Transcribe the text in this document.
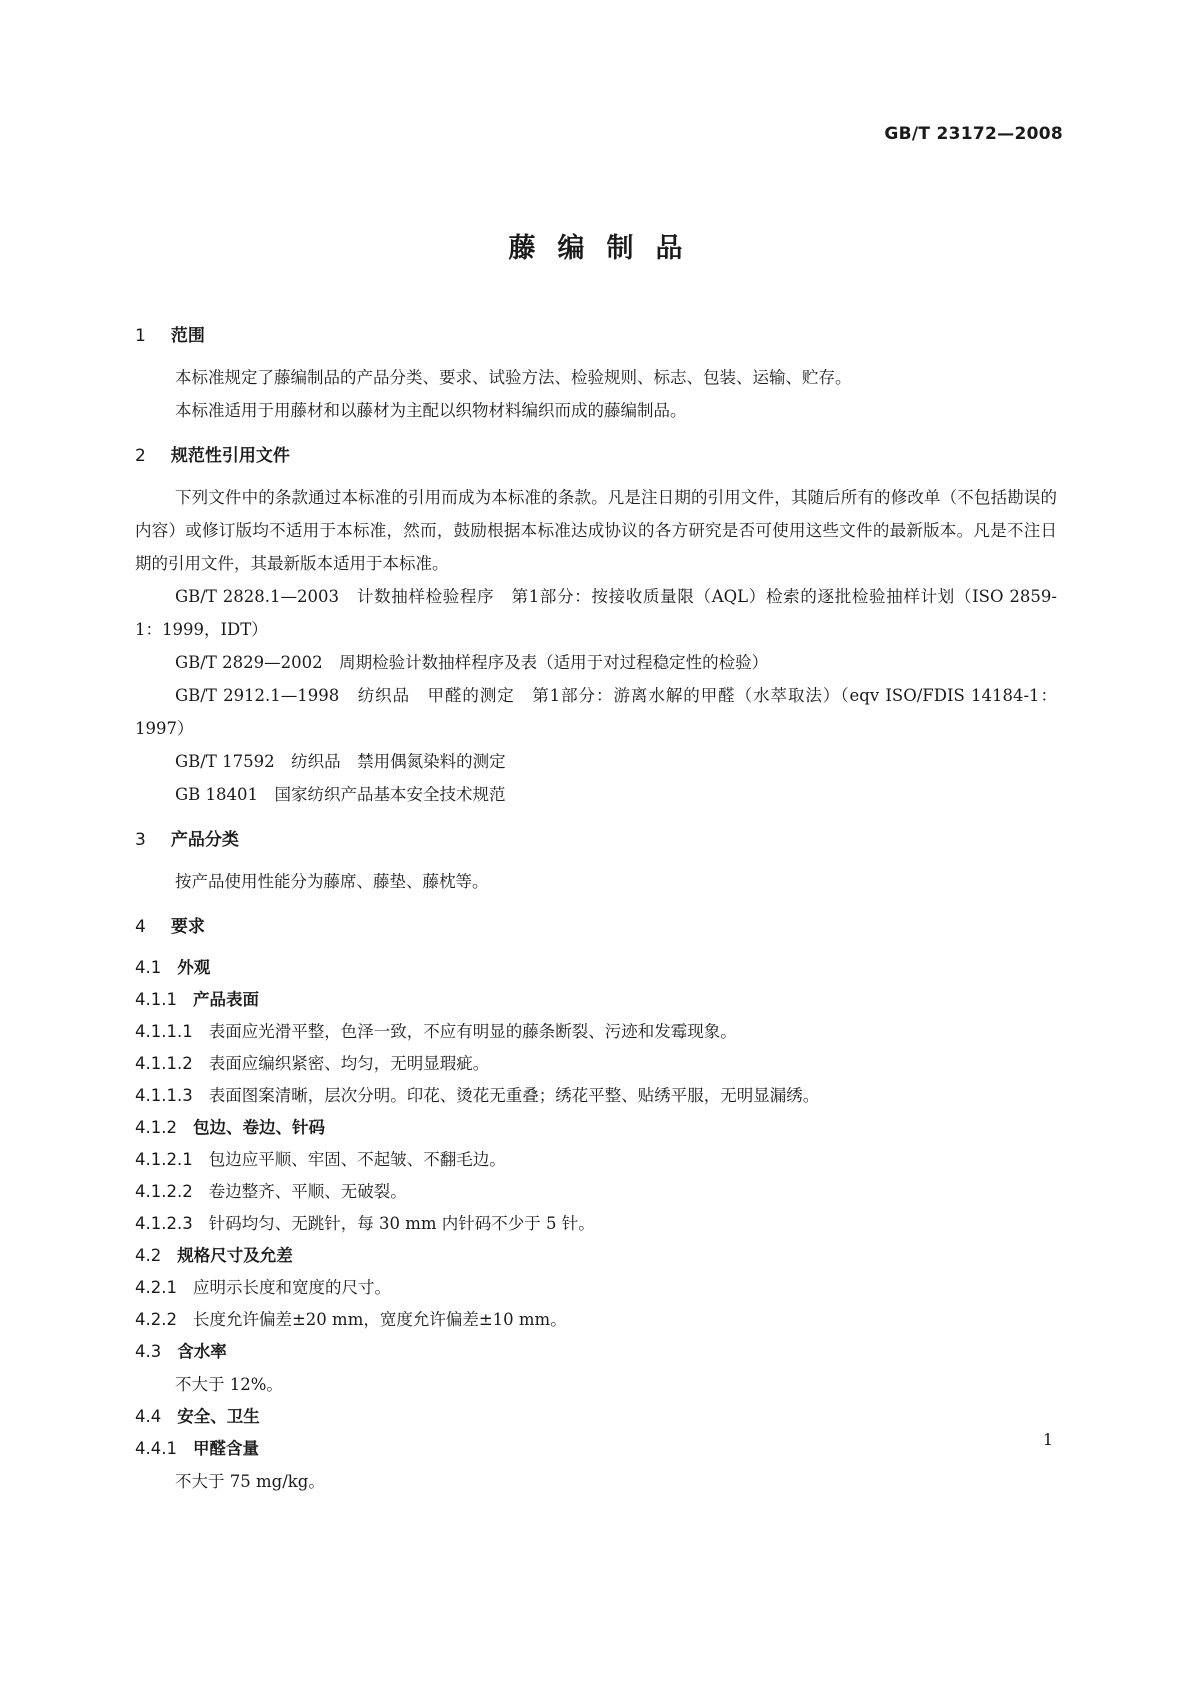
GB/T 23172—2008
藤编制品
1 范围

本标准规定了藤编制品的产品分类、要求、试验方法、检验规则、标志、包装、运输、贮存。

本标准适用于用藤材和以藤材为主配以织物材料编织而成的藤编制品。

2 规范性引用文件

下列文件中的条款通过本标准的引用而成为本标准的条款。凡是注日期的引用文件，其随后所有的修改单（不包括勘误的内容）或修订版均不适用于本标准，然而，鼓励根据本标准达成协议的各方研究是否可使用这些文件的最新版本。凡是不注日期的引用文件，其最新版本适用于本标准。

GB/T 2828.1—2003　计数抽样检验程序　第1部分：按接收质量限（AQL）检索的逐批检验抽样计划（ISO 2859-1：1999，IDT）

GB/T 2829—2002　周期检验计数抽样程序及表（适用于对过程稳定性的检验）

GB/T 2912.1—1998　纺织品　甲醛的测定　第1部分：游离水解的甲醛（水萃取法）（eqv ISO/FDIS 14184-1：1997）

GB/T 17592　纺织品　禁用偶氮染料的测定

GB 18401　国家纺织产品基本安全技术规范

3 产品分类

按产品使用性能分为藤席、藤垫、藤枕等。

4 要求
4.1 外观
4.1.1 产品表面
4.1.1.1 表面应光滑平整，色泽一致，不应有明显的藤条断裂、污迹和发霉现象。
4.1.1.2 表面应编织紧密、均匀，无明显瑕疵。
4.1.1.3 表面图案清晰，层次分明。印花、烫花无重叠；绣花平整、贴绣平服，无明显漏绣。
4.1.2 包边、卷边、针码
4.1.2.1 包边应平顺、牢固、不起皱、不翻毛边。
4.1.2.2 卷边整齐、平顺、无破裂。
4.1.2.3 针码均匀、无跳针，每 30 mm 内针码不少于 5 针。
4.2 规格尺寸及允差
4.2.1 应明示长度和宽度的尺寸。
4.2.2 长度允许偏差±20 mm，宽度允许偏差±10 mm。
4.3 含水率
不大于 12%。
4.4 安全、卫生
4.4.1 甲醛含量
不大于 75 mg/kg。
1
